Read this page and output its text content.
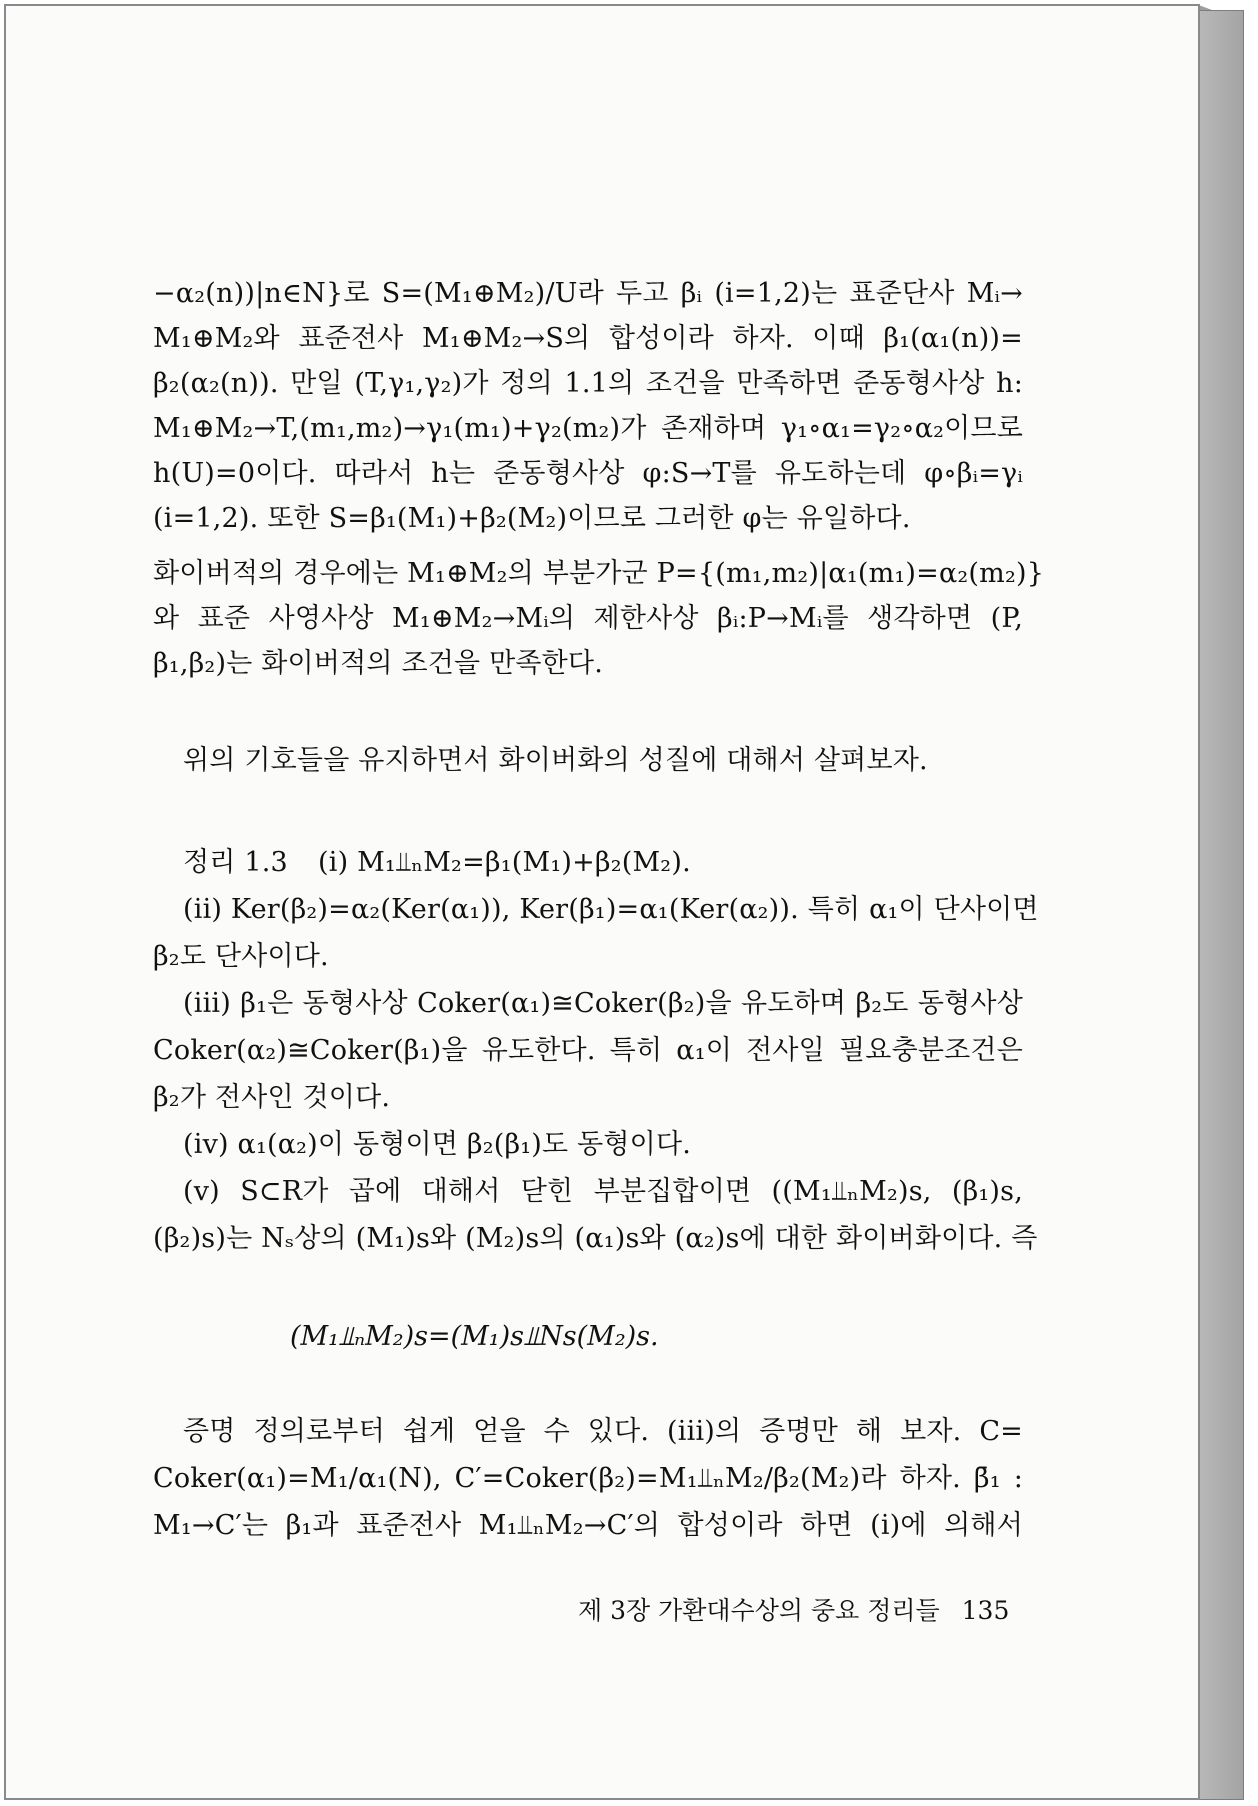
−α₂(n))|n∈N}로 S=(M₁⊕M₂)/U라 두고 βᵢ (i=1,2)는 표준단사 Mᵢ→
M₁⊕M₂와 표준전사 M₁⊕M₂→S의 합성이라 하자. 이때 β₁(α₁(n))=
β₂(α₂(n)). 만일 (T,γ₁,γ₂)가 정의 1.1의 조건을 만족하면 준동형사상 h:
M₁⊕M₂→T,(m₁,m₂)→γ₁(m₁)+γ₂(m₂)가 존재하며 γ₁∘α₁=γ₂∘α₂이므로
h(U)=0이다. 따라서 h는 준동형사상 φ:S→T를 유도하는데 φ∘βᵢ=γᵢ
(i=1,2). 또한 S=β₁(M₁)+β₂(M₂)이므로 그러한 φ는 유일하다.
화이버적의 경우에는 M₁⊕M₂의 부분가군 P={(m₁,m₂)|α₁(m₁)=α₂(m₂)}
와 표준 사영사상 M₁⊕M₂→Mᵢ의 제한사상 βᵢ:P→Mᵢ를 생각하면 (P,
β₁,β₂)는 화이버적의 조건을 만족한다.
위의 기호들을 유지하면서 화이버화의 성질에 대해서 살펴보자.
정리 1.3 (i) M₁⫫ₙM₂=β₁(M₁)+β₂(M₂).
(ii) Ker(β₂)=α₂(Ker(α₁)), Ker(β₁)=α₁(Ker(α₂)). 특히 α₁이 단사이면
β₂도 단사이다.
(iii) β₁은 동형사상 Coker(α₁)≅Coker(β₂)을 유도하며 β₂도 동형사상
Coker(α₂)≅Coker(β₁)을 유도한다. 특히 α₁이 전사일 필요충분조건은
β₂가 전사인 것이다.
(iv) α₁(α₂)이 동형이면 β₂(β₁)도 동형이다.
(v) S⊂R가 곱에 대해서 닫힌 부분집합이면 ((M₁⫫ₙM₂)s, (β₁)s,
(β₂)s)는 Nₛ상의 (M₁)s와 (M₂)s의 (α₁)s와 (α₂)s에 대한 화이버화이다. 즉
(M₁⫫ₙM₂)s=(M₁)s⫫Ns(M₂)s.
증명 정의로부터 쉽게 얻을 수 있다. (iii)의 증명만 해 보자. C=
Coker(α₁)=M₁/α₁(N), C′=Coker(β₂)=M₁⫫ₙM₂/β₂(M₂)라 하자. β̄₁ :
M₁→C′는 β₁과 표준전사 M₁⫫ₙM₂→C′의 합성이라 하면 (i)에 의해서
제 3장 가환대수상의 중요 정리들 135
